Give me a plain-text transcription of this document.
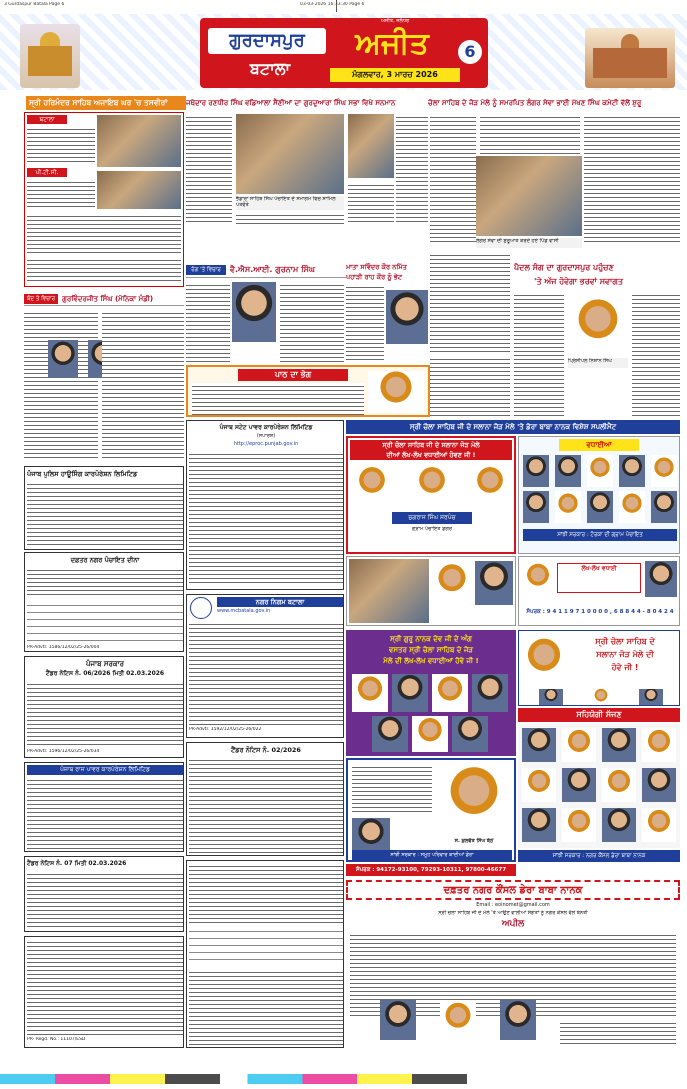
3 Gurdaspur Batala Page 6	03-03-2026 16:33:30 Page 6
ਗੁਰਦਾਸਪੁਰ
ਬਟਾਲਾ
ਅਜੀਤ
ਅਜੀਤ, ਜਲੰਧਰ
ਮੰਗਲਵਾਰ, 3 ਮਾਰਚ 2026
6
ਸ੍ਰੀ ਹਰਿਮੰਦਰ ਸਾਹਿਬ ਅਜਾਇਬ ਘਰ 'ਚ ਤਸਵੀਰਾਂ	ਜਥੇਦਾਰ ਰਣਧੀਰ ਸਿੰਘ ਵਡਿਆਲਾ ਸੈਣੀਆਂ ਦਾ ਗੁਰਦੁਆਰਾ ਸਿੰਘ ਸਭਾ ਵਿਖੇ ਸਨਮਾਨ	ਚੋਲਾ ਸਾਹਿਬ ਦੇ ਜੋੜ ਮੇਲੇ ਨੂੰ ਸਮਰਪਿਤ ਲੰਗਰ ਸੇਵਾ ਭਾਈ ਮੱਖਣ ਸਿੰਘ ਕਮੇਟੀ ਵੱਲੋਂ ਸ਼ੁਰੂ
ਬਟਾਲਾ
ਪੀ.ਟੀ.ਸੀ.
ਭੰਡਾਰਾ ਸਾਹਿਬ ਸਿੰਘ ਪੰਚਾਇਤ ਦੇ ਸਮਾਗਮ ਵਿਚ ਸ਼ਾਮਿਲ ਪਤਵੰਤੇ
ਲੰਗਰ ਸੇਵਾ ਦੀ ਸ਼ੁਰੂਆਤ ਕਰਦੇ ਹੋਏ ਪਿੰਡ ਵਾਸੀ
ਬੰਦ ਤੇ ਵਿਚਾਰ	ਗੁਰਵਿੰਦਰਜੀਤ ਸਿੰਘ (ਮੋਨਿਕਾ ਮੰਡੀ)
ਰੰਗ 'ਤੇ ਵਿਚਾਰ	ਵੈ.ਐਸ.ਆਈ. ਗੁਰਨਾਮ ਸਿੰਘ	ਮਾਤਾ ਸਵਿੰਦਰ ਕੌਰ ਨਮਿੱਤ
ਪਹਾੜੀ ਰਾਹ ਕੌਰ ਨੂੰ ਭੇਟ
ਪਾਠ ਦਾ ਭੋਗ
ਪੈਦਲ ਸੰਗ ਦਾ ਗੁਰਦਾਸਪੁਰ ਪਹੁੰਚਣ
'ਤੇ ਅੱਜ ਹੋਵੇਗਾ ਭਰਵਾਂ ਸਵਾਗਤ
ਪ੍ਰਿੰਸੀਪਲ ਨਿਸ਼ਾਨ ਸਿੰਘ
ਸ੍ਰੀ ਚੋਲਾ ਸਾਹਿਬ ਜੀ ਦੇ ਸਲਾਨਾ ਜੋੜ ਮੇਲੇ 'ਤੇ ਡੇਰਾ ਬਾਬਾ ਨਾਨਕ ਵਿਸ਼ੇਸ਼ ਸਪਲੀਮੈਂਟ
ਪੰਜਾਬ ਪੁਲਿਸ ਹਾਊਸਿੰਗ ਕਾਰਪੋਰੇਸ਼ਨ ਲਿਮਿਟਿਡ
ਦਫ਼ਤਰ ਨਗਰ ਪੰਚਾਇਤ ਦੀਨਾ
PR-Advtr. 1586/12/02/25-26/004
ਪੰਜਾਬ ਸਰਕਾਰ
ਟੈਂਡਰ ਨੋਟਿਸ ਨੰ. 06/2026 ਮਿਤੀ 02.03.2026
PR-Advtr. 1596/12/02/25-26/034
ਪੰਜਾਬ ਰਾਜ ਪਾਵਰ ਕਾਰਪੋਰੇਸ਼ਨ ਲਿਮਿਟਿਡ
ਟੈਂਡਰ ਨੋਟਿਸ ਨੰ. 07 ਮਿਤੀ 02.03.2026
PR- Regd. No.: 11107/ESD
ਪੰਜਾਬ ਸਟੇਟ ਪਾਵਰ ਕਾਰਪੋਰੇਸ਼ਨ ਲਿਮਿਟਿਡ
(ਸਪਾਰਸ਼)
http://eproc.punjab.gov.in
ਨਗਰ ਨਿਗਮ ਬਟਾਲਾ
www.mcbatala.gov.in
PR-Advtr. 1592/12/02/25-26/022
ਟੈਂਡਰ ਨੋਟਿਸ ਨੰ. 02/2026
ਸ੍ਰੀ ਚੋਲਾ ਸਾਹਿਬ ਜੀ ਦੇ ਸਲਾਨਾ ਜੋੜ ਮੇਲੇ
ਦੀਆਂ ਲੱਖ-ਲੱਖ ਵਧਾਈਆਂ ਹੋਵਣ ਜੀ !
ਜੁਗਰਾਜ ਸਿੰਘ ਸਰਪੰਚ
ਗ੍ਰਾਮ ਪੰਚਾਇਤ ਡੋਗਰ
ਵਧਾਈਆਂ
ਸਾਂਝੀ ਸਰਕਾਰ : ਟੋਰਕਾ ਦੀ ਗ੍ਰਾਮ ਪੰਚਾਇਤ
ਲੱਖ-ਲੱਖ ਵਧਾਈ
ਸੰਪਰਕ : 9 4 1 1 9 7 1 0 0 0 0 , 6 8 8 4 4 - 8 0 4 2 4
ਸ੍ਰੀ ਗੁਰੂ ਨਾਨਕ ਦੇਵ ਜੀ ਦੇ ਅੰਗ
ਵਸਤਰ ਸ੍ਰੀ ਚੋਲਾ ਸਾਹਿਬ ਦੇ ਜੋੜ
ਮੇਲੇ ਦੀ ਲੱਖ-ਲੱਖ ਵਧਾਈਆਂ ਹੋਵੇ ਜੀ !
ਸ੍ਰੀ ਚੋਲਾ ਸਾਹਿਬ ਦੇ
ਸਲਾਨਾ ਜੋੜ ਮੇਲੇ ਦੀ
ਹੋਵੇ ਜੀ !
ਸਹਿਯੋਗੀ ਸੱਜਣ
ਸਾਂਝੀ ਸਰਕਾਰ : ਨਗਰ ਕੌਂਸਲ ਡੇਰਾ ਬਾਬਾ ਨਾਨਕ
ਸ. ਕੁਲਵੰਤ ਸਿੰਘ ਬੱਠੋਂ
ਸਾਂਝੀ ਸਰਕਾਰ : ਸਮੂਹ ਪਰਿਵਾਰ ਕਾਦੀਆਂ ਡੇਰਾ
ਸੰਪਰਕ : 94172-93100, 79293-10311, 97800-46677
ਦਫ਼ਤਰ ਨਗਰ ਕੌਂਸਲ ਡੇਰਾ ਬਾਬਾ ਨਾਨਕ
Email : eoinomet@gmail.com
ਸ੍ਰੀ ਚੋਲਾ ਸਾਹਿਬ ਜੀ ਦੇ ਮੇਲੇ 'ਤੇ ਆਉਣ ਵਾਲੀਆਂ ਸੰਗਤਾਂ ਨੂੰ ਨਗਰ ਕੌਂਸਲ ਵੱਲੋਂ ਬੇਨਤੀ
ਅਪੀਲ
